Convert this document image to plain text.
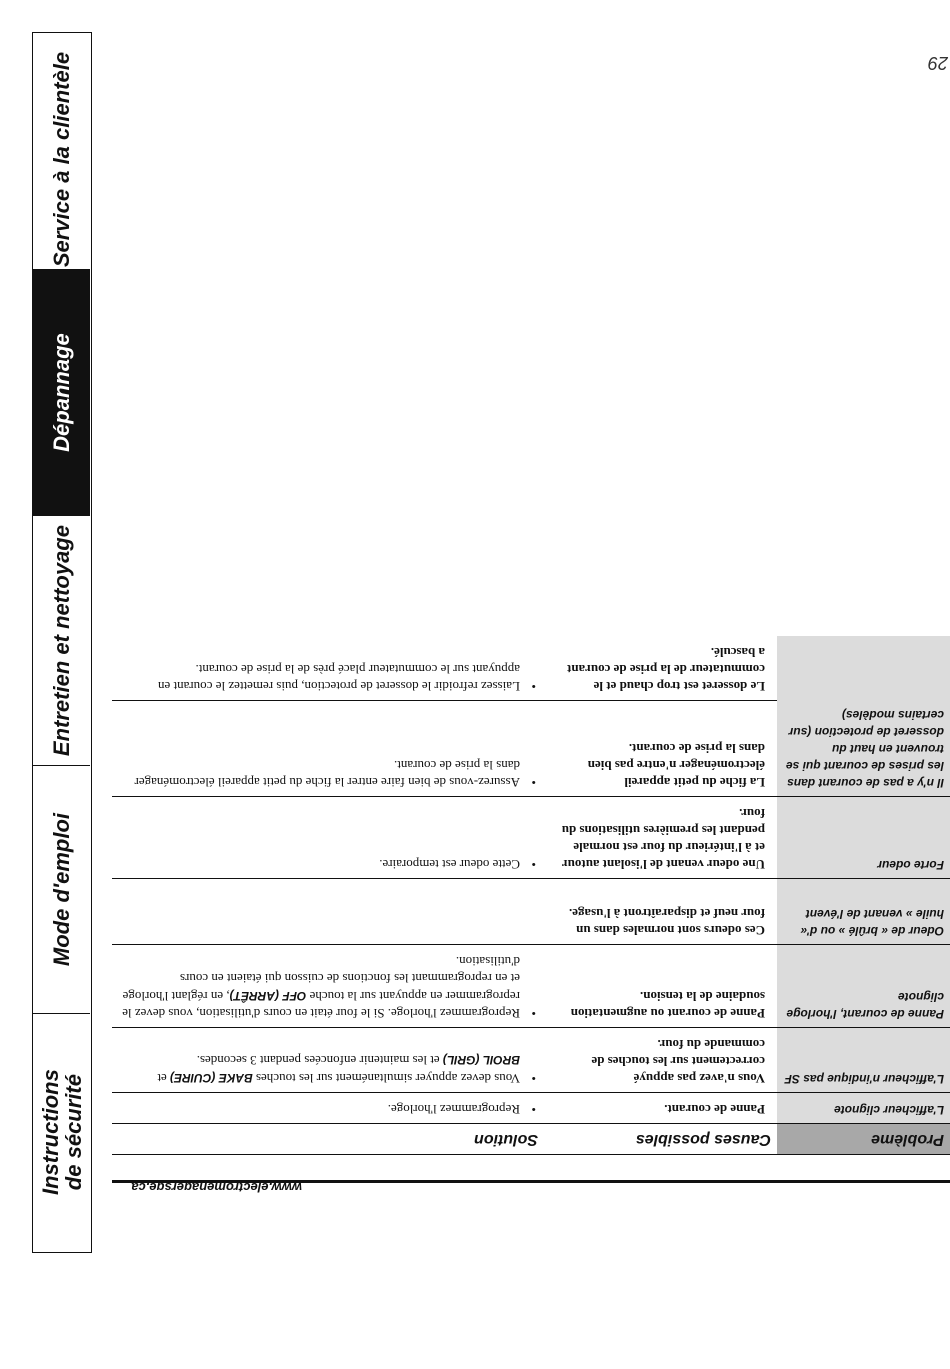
Service à la clientèle
Dépannage
Entretien et nettoyage
Mode d'emploi
Instructions
de sécurité	www.electromenagersge.ca
Problème	Causes possibles	Solution
L'afficheur clignote	Panne de courant.	•
Reprogrammez l'horloge.

L'afficheur n'indique pas SF	Vous n'avez pas appuyé correctement sur les touches de commande du four.	•
Vous devez appuyer simultanément sur les touches BAKE (CUIRE) et BROIL (GRIL) et les maintenir enfoncées pendant 3 secondes.

Panne de courant, l'horloge clignote	Panne de courant ou augmentation soudaine de la tension.	•
Reprogrammez l'horloge. Si le four était en cours d'utilisation, vous devez le reprogrammer en appuyant sur la touche OFF (ARRÊT), en réglant l'horloge et en reprogrammant les fonctions de cuisson qui étaient en cours d'utilisation.

Odeur de « brûlé » ou d'« huile » venant de l'évent	Ces odeurs sont normales dans un four neuf et disparaîtront à l'usage.	
Forte odeur	Une odeur venant de l'isolant autour et à l'intérieur du four est normale pendant les premières utilisations du four.	•
Cette odeur est temporaire.

Il n'y a pas de courant dans les prises de courant qui se trouvent en haut du dosseret de protection (sur certains modèles)	La fiche du petit appareil électroménager n'entre pas bien dans la prise de courant.	•
Assurez-vous de bien faire entrer la fiche du petit appareil électroménager dans la prise de courant.

	Le dosseret est trop chaud et le commutateur de la prise de courant a basculé.	•
Laissez refroidir le dosseret de protection, puis remettez le courant en appuyant sur le commutateur placé près de la prise de courant.
29
